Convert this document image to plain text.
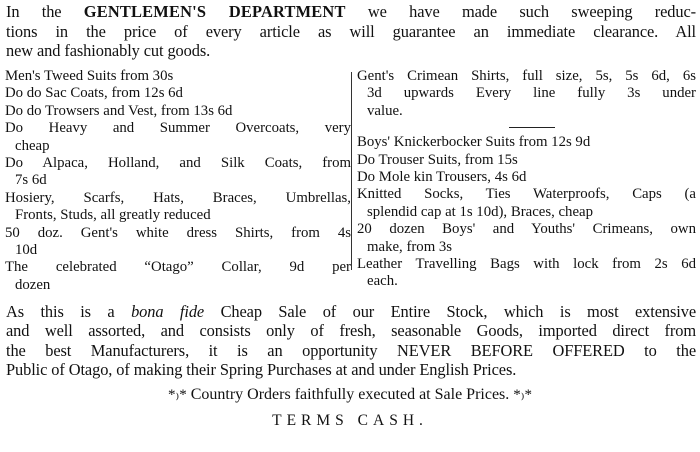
In the GENTLEMEN'S DEPARTMENT we have made such sweeping reduc-
tions in the price of every article as will guarantee an immediate clearance. All
new and fashionably cut goods.

Men's Tweed Suits from 30s

Do do Sac Coats, from 12s 6d

Do do Trowsers and Vest, from 13s 6d

Do Heavy and Summer Overcoats, very
cheap

Do Alpaca, Holland, and Silk Coats, from
7s 6d

Hosiery, Scarfs, Hats, Braces, Umbrellas,
Fronts, Studs, all greatly reduced

50 doz. Gent's white dress Shirts, from 4s
10d

The celebrated “Otago” Collar, 9d per
dozen

Gent's Crimean Shirts, full size, 5s, 5s 6d, 6s
3d upwards Every line fully 3s under
value.

Boys' Knickerbocker Suits from 12s 9d

Do Trouser Suits, from 15s

Do Mole kin Trousers, 4s 6d

Knitted Socks, Ties Waterproofs, Caps (a
splendid cap at 1s 10d), Braces, cheap

20 dozen Boys' and Youths' Crimeans, own
make, from 3s

Leather Travelling Bags with lock from 2s 6d
each.

As this is a bona fide Cheap Sale of our Entire Stock, which is most extensive
and well assorted, and consists only of fresh, seasonable Goods, imported direct from
the best Manufacturers, it is an opportunity NEVER BEFORE OFFERED to the
Public of Otago, of making their Spring Purchases at and under English Prices.

*₎* Country Orders faithfully executed at Sale Prices. *₎*
TERMS CASH.
